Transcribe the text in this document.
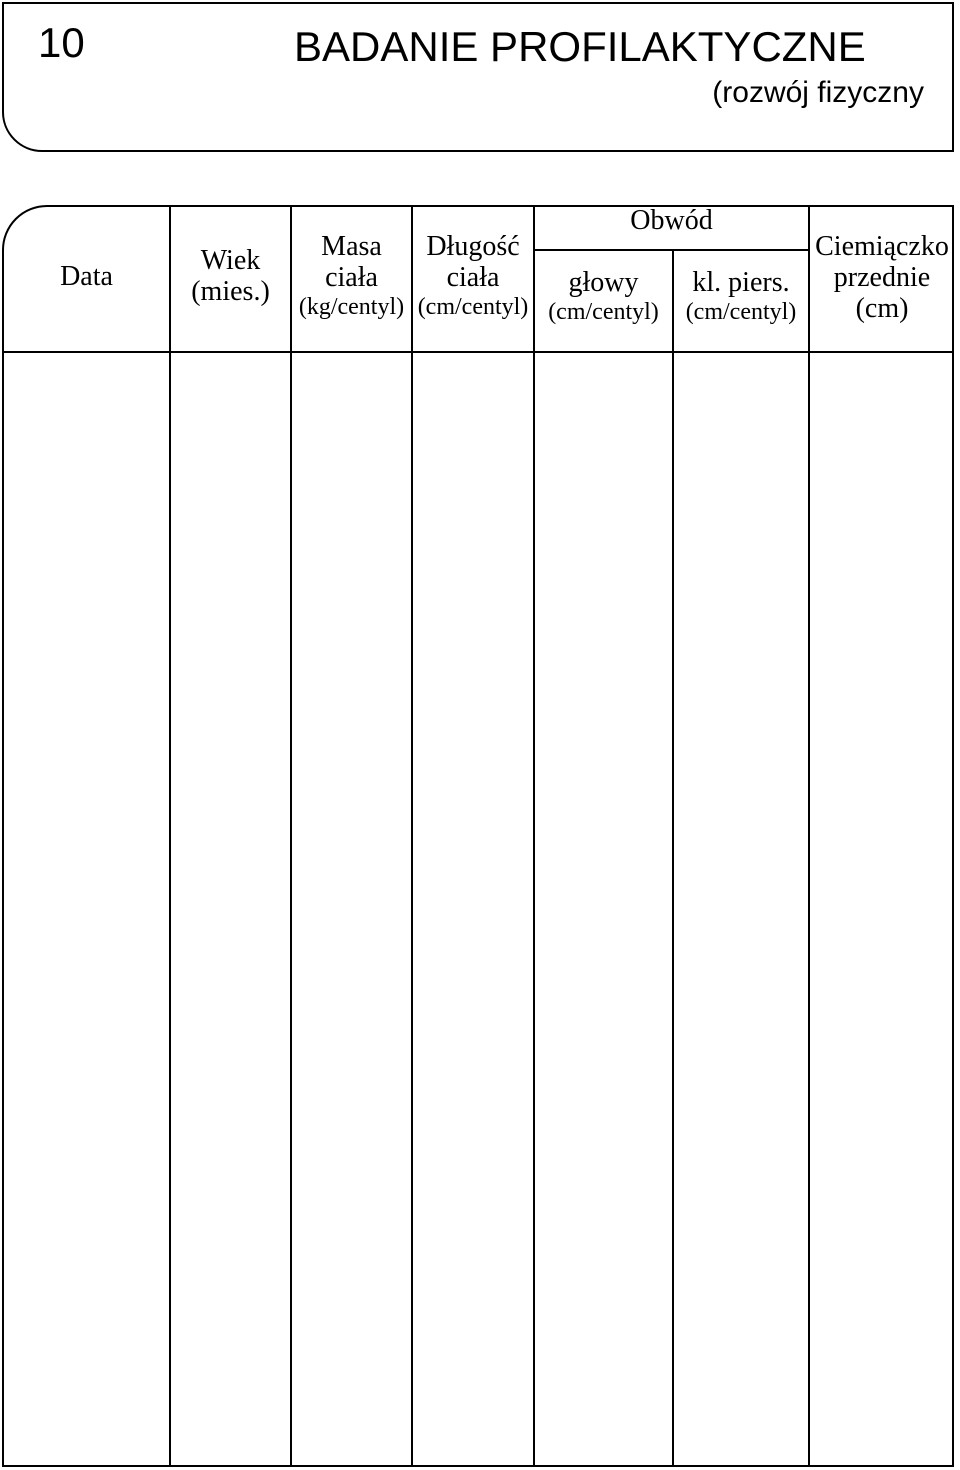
10	BADANIE PROFILAKTYCZNE
(rozwój fizyczny
Data
Wiek
(mies.)
Masa
ciała
(kg/centyl)
Długość
ciała
(cm/centyl)
Obwód
głowy
(cm/centyl)
kl. piers.
(cm/centyl)
Ciemiączko
przednie
(cm)
